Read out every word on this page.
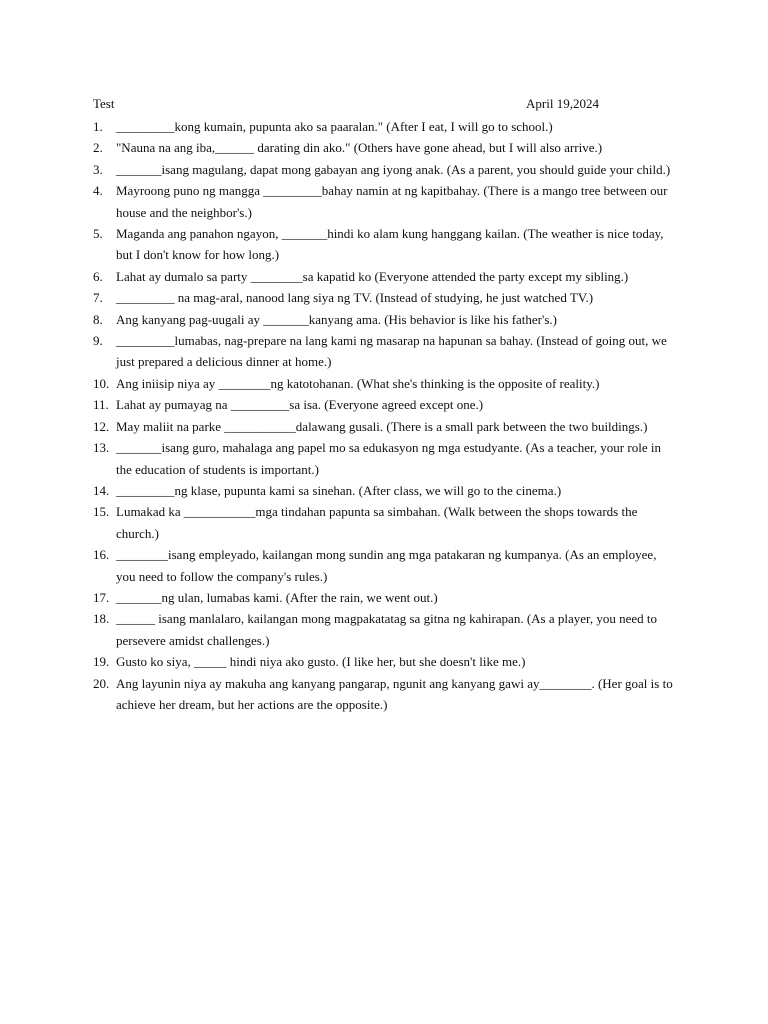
Test	April 19,2024
1. _________kong kumain, pupunta ako sa paaralan." (After I eat, I will go to school.)
2. "Nauna na ang iba,______ darating din ako." (Others have gone ahead, but I will also arrive.)
3. _______isang magulang, dapat mong gabayan ang iyong anak. (As a parent, you should guide your child.)
4. Mayroong puno ng mangga _________bahay namin at ng kapitbahay. (There is a mango tree between our house and the neighbor's.)
5. Maganda ang panahon ngayon, _______hindi ko alam kung hanggang kailan. (The weather is nice today, but I don't know for how long.)
6. Lahat ay dumalo sa party ________sa kapatid ko (Everyone attended the party except my sibling.)
7. _________ na mag-aral, nanood lang siya ng TV. (Instead of studying, he just watched TV.)
8. Ang kanyang pag-uugali ay _______kanyang ama. (His behavior is like his father's.)
9. _________lumabas, nag-prepare na lang kami ng masarap na hapunan sa bahay. (Instead of going out, we just prepared a delicious dinner at home.)
10. Ang iniisip niya ay ________ng katotohanan. (What she's thinking is the opposite of reality.)
11. Lahat ay pumayag na _________sa isa. (Everyone agreed except one.)
12. May maliit na parke ___________dalawang gusali. (There is a small park between the two buildings.)
13. _______isang guro, mahalaga ang papel mo sa edukasyon ng mga estudyante. (As a teacher, your role in the education of students is important.)
14. _________ng klase, pupunta kami sa sinehan. (After class, we will go to the cinema.)
15. Lumakad ka ___________mga tindahan papunta sa simbahan. (Walk between the shops towards the church.)
16. ________isang empleyado, kailangan mong sundin ang mga patakaran ng kumpanya. (As an employee, you need to follow the company's rules.)
17. _______ng ulan, lumabas kami. (After the rain, we went out.)
18. ______ isang manlalaro, kailangan mong magpakatatag sa gitna ng kahirapan. (As a player, you need to persevere amidst challenges.)
19. Gusto ko siya, _____ hindi niya ako gusto. (I like her, but she doesn't like me.)
20. Ang layunin niya ay makuha ang kanyang pangarap, ngunit ang kanyang gawi ay________. (Her goal is to achieve her dream, but her actions are the opposite.)
